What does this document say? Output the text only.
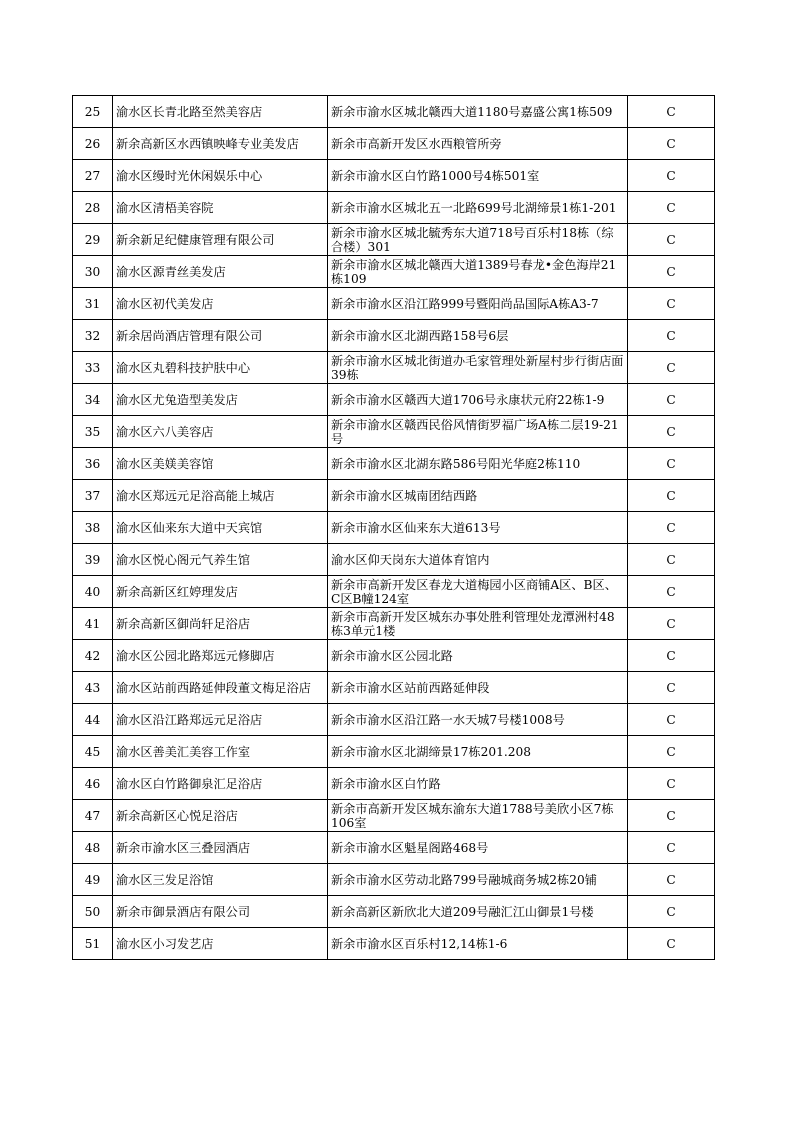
25	渝水区长青北路至然美容店	新余市渝水区城北赣西大道1180号嘉盛公寓1栋509	C
26	新余高新区水西镇映峰专业美发店	新余市高新开发区水西粮管所旁	C
27	渝水区缦时光休闲娱乐中心	新余市渝水区白竹路1000号4栋501室	C
28	渝水区清梧美容院	新余市渝水区城北五一北路699号北湖缔景1栋1-201	C
29	新余新足纪健康管理有限公司	新余市渝水区城北毓秀东大道718号百乐村18栋（综合楼）301	C
30	渝水区源青丝美发店	新余市渝水区城北赣西大道1389号春龙•金色海岸21栋109	C
31	渝水区初代美发店	新余市渝水区沿江路999号暨阳尚品国际A栋A3-7	C
32	新余居尚酒店管理有限公司	新余市渝水区北湖西路158号6层	C
33	渝水区丸碧科技护肤中心	新余市渝水区城北街道办毛家管理处新屋村步行街店面39栋	C
34	渝水区尤兔造型美发店	新余市渝水区赣西大道1706号永康状元府22栋1-9	C
35	渝水区六八美容店	新余市渝水区赣西民俗风情街罗福广场A栋二层19-21号	C
36	渝水区美媄美容馆	新余市渝水区北湖东路586号阳光华庭2栋110	C
37	渝水区郑远元足浴高能上城店	新余市渝水区城南团结西路	C
38	渝水区仙来东大道中天宾馆	新余市渝水区仙来东大道613号	C
39	渝水区悦心阁元气养生馆	渝水区仰天岗东大道体育馆内	C
40	新余高新区红婷理发店	新余市高新开发区春龙大道梅园小区商铺A区、B区、C区B幢124室	C
41	新余高新区御尚轩足浴店	新余市高新开发区城东办事处胜利管理处龙潭洲村48栋3单元1楼	C
42	渝水区公园北路郑远元修脚店	新余市渝水区公园北路	C
43	渝水区站前西路延伸段董文梅足浴店	新余市渝水区站前西路延伸段	C
44	渝水区沿江路郑远元足浴店	新余市渝水区沿江路一水天城7号楼1008号	C
45	渝水区善美汇美容工作室	新余市渝水区北湖缔景17栋201.208	C
46	渝水区白竹路御泉汇足浴店	新余市渝水区白竹路	C
47	新余高新区心悦足浴店	新余市高新开发区城东渝东大道1788号美欣小区7栋106室	C
48	新余市渝水区三叠园酒店	新余市渝水区魁星阁路468号	C
49	渝水区三发足浴馆	新余市渝水区劳动北路799号融城商务城2栋20铺	C
50	新余市御景酒店有限公司	新余高新区新欣北大道209号融汇江山御景1号楼	C
51	渝水区小习发艺店	新余市渝水区百乐村12,14栋1-6	C
